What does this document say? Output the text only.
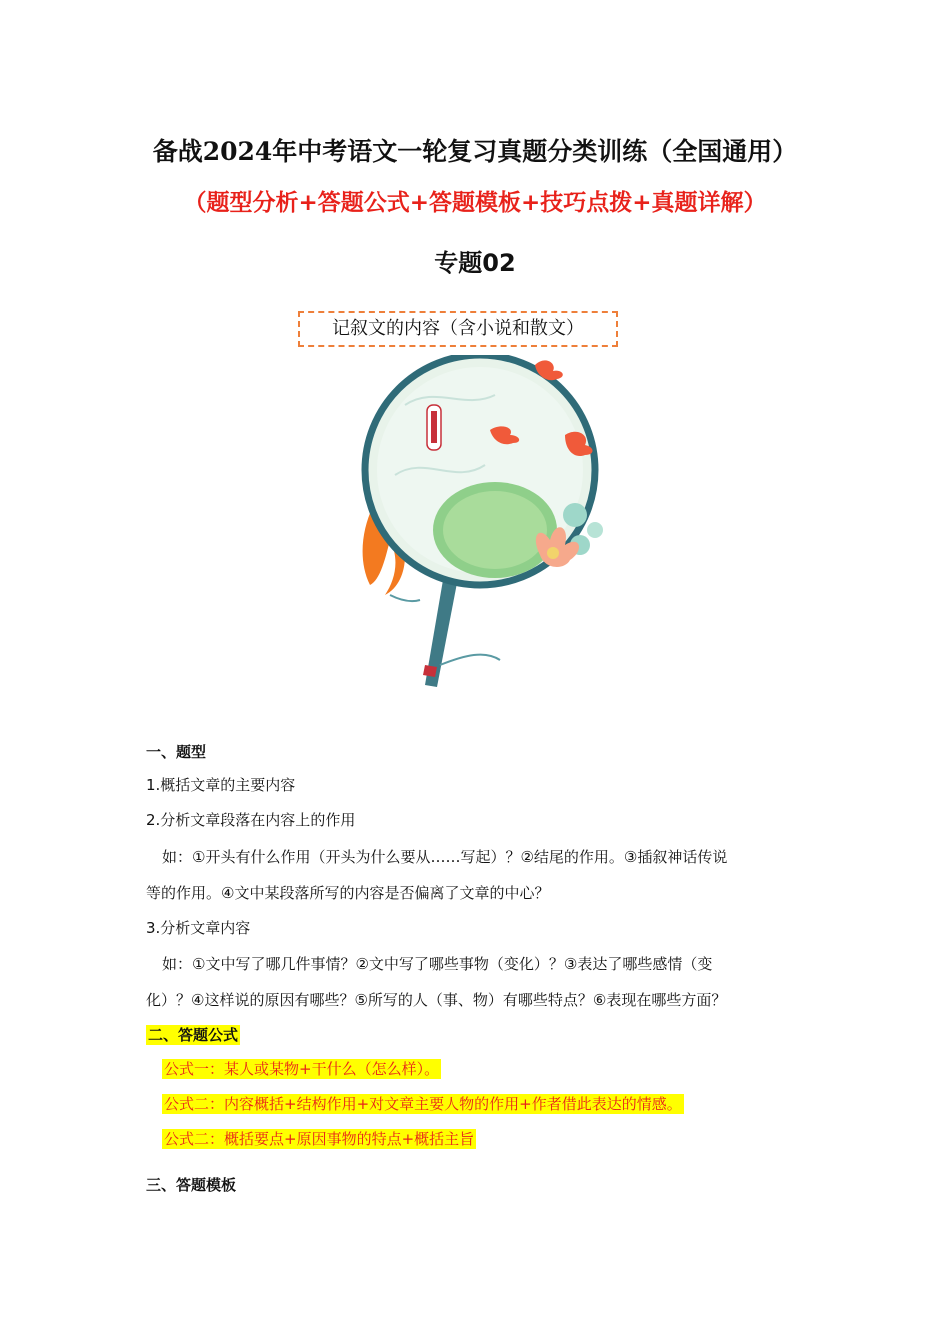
备战2024年中考语文一轮复习真题分类训练（全国通用）
（题型分析+答题公式+答题模板+技巧点拨+真题详解）
专题02
记叙文的内容（含小说和散文）
一、题型
1.概括文章的主要内容
2.分析文章段落在内容上的作用
如：①开头有什么作用（开头为什么要从……写起）？②结尾的作用。③插叙神话传说
等的作用。④文中某段落所写的内容是否偏离了文章的中心？
3.分析文章内容
如：①文中写了哪几件事情？②文中写了哪些事物（变化）？③表达了哪些感情（变
化）？④这样说的原因有哪些？⑤所写的人（事、物）有哪些特点？⑥表现在哪些方面？
二、答题公式
公式一：某人或某物+干什么（怎么样）。
公式二：内容概括+结构作用+对文章主要人物的作用+作者借此表达的情感。
公式二：概括要点+原因事物的特点+概括主旨
三、答题模板
